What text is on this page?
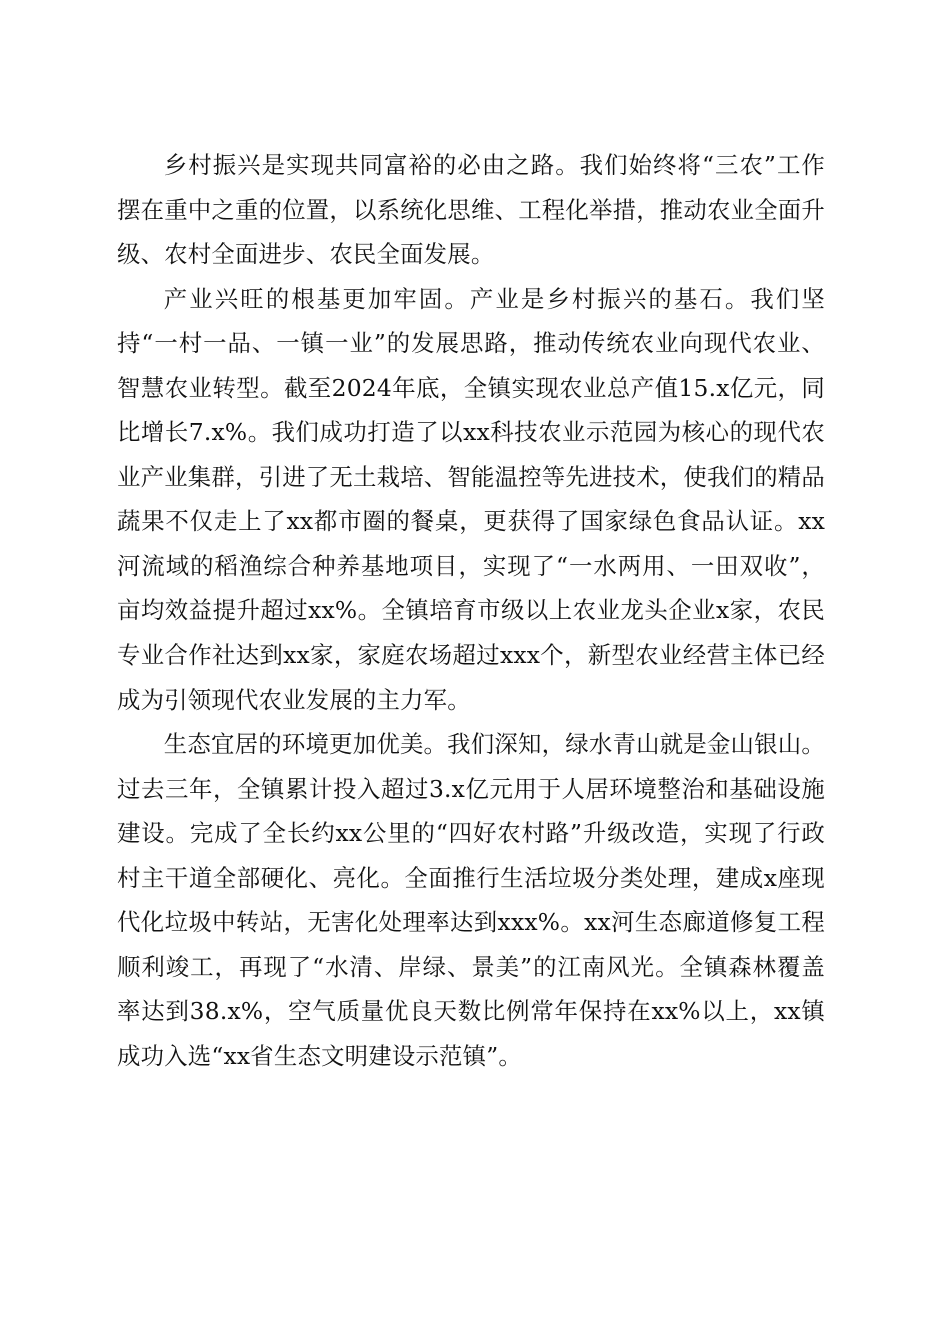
乡村振兴是实现共同富裕的必由之路。我们始终将“三农”工作摆在重中之重的位置，以系统化思维、工程化举措，推动农业全面升级、农村全面进步、农民全面发展。

产业兴旺的根基更加牢固。产业是乡村振兴的基石。我们坚持“一村一品、一镇一业”的发展思路，推动传统农业向现代农业、智慧农业转型。截至2024年底，全镇实现农业总产值15.x亿元，同比增长7.x%。我们成功打造了以xx科技农业示范园为核心的现代农业产业集群，引进了无土栽培、智能温控等先进技术，使我们的精品蔬果不仅走上了xx都市圈的餐桌，更获得了国家绿色食品认证。xx河流域的稻渔综合种养基地项目，实现了“一水两用、一田双收”，亩均效益提升超过xx%。全镇培育市级以上农业龙头企业x家，农民专业合作社达到xx家，家庭农场超过xxx个，新型农业经营主体已经成为引领现代农业发展的主力军。

生态宜居的环境更加优美。我们深知，绿水青山就是金山银山。过去三年，全镇累计投入超过3.x亿元用于人居环境整治和基础设施建设。完成了全长约xx公里的“四好农村路”升级改造，实现了行政村主干道全部硬化、亮化。全面推行生活垃圾分类处理，建成x座现代化垃圾中转站，无害化处理率达到xxx%。xx河生态廊道修复工程顺利竣工，再现了“水清、岸绿、景美”的江南风光。全镇森林覆盖率达到38.x%，空气质量优良天数比例常年保持在xx%以上，xx镇成功入选“xx省生态文明建设示范镇”。
